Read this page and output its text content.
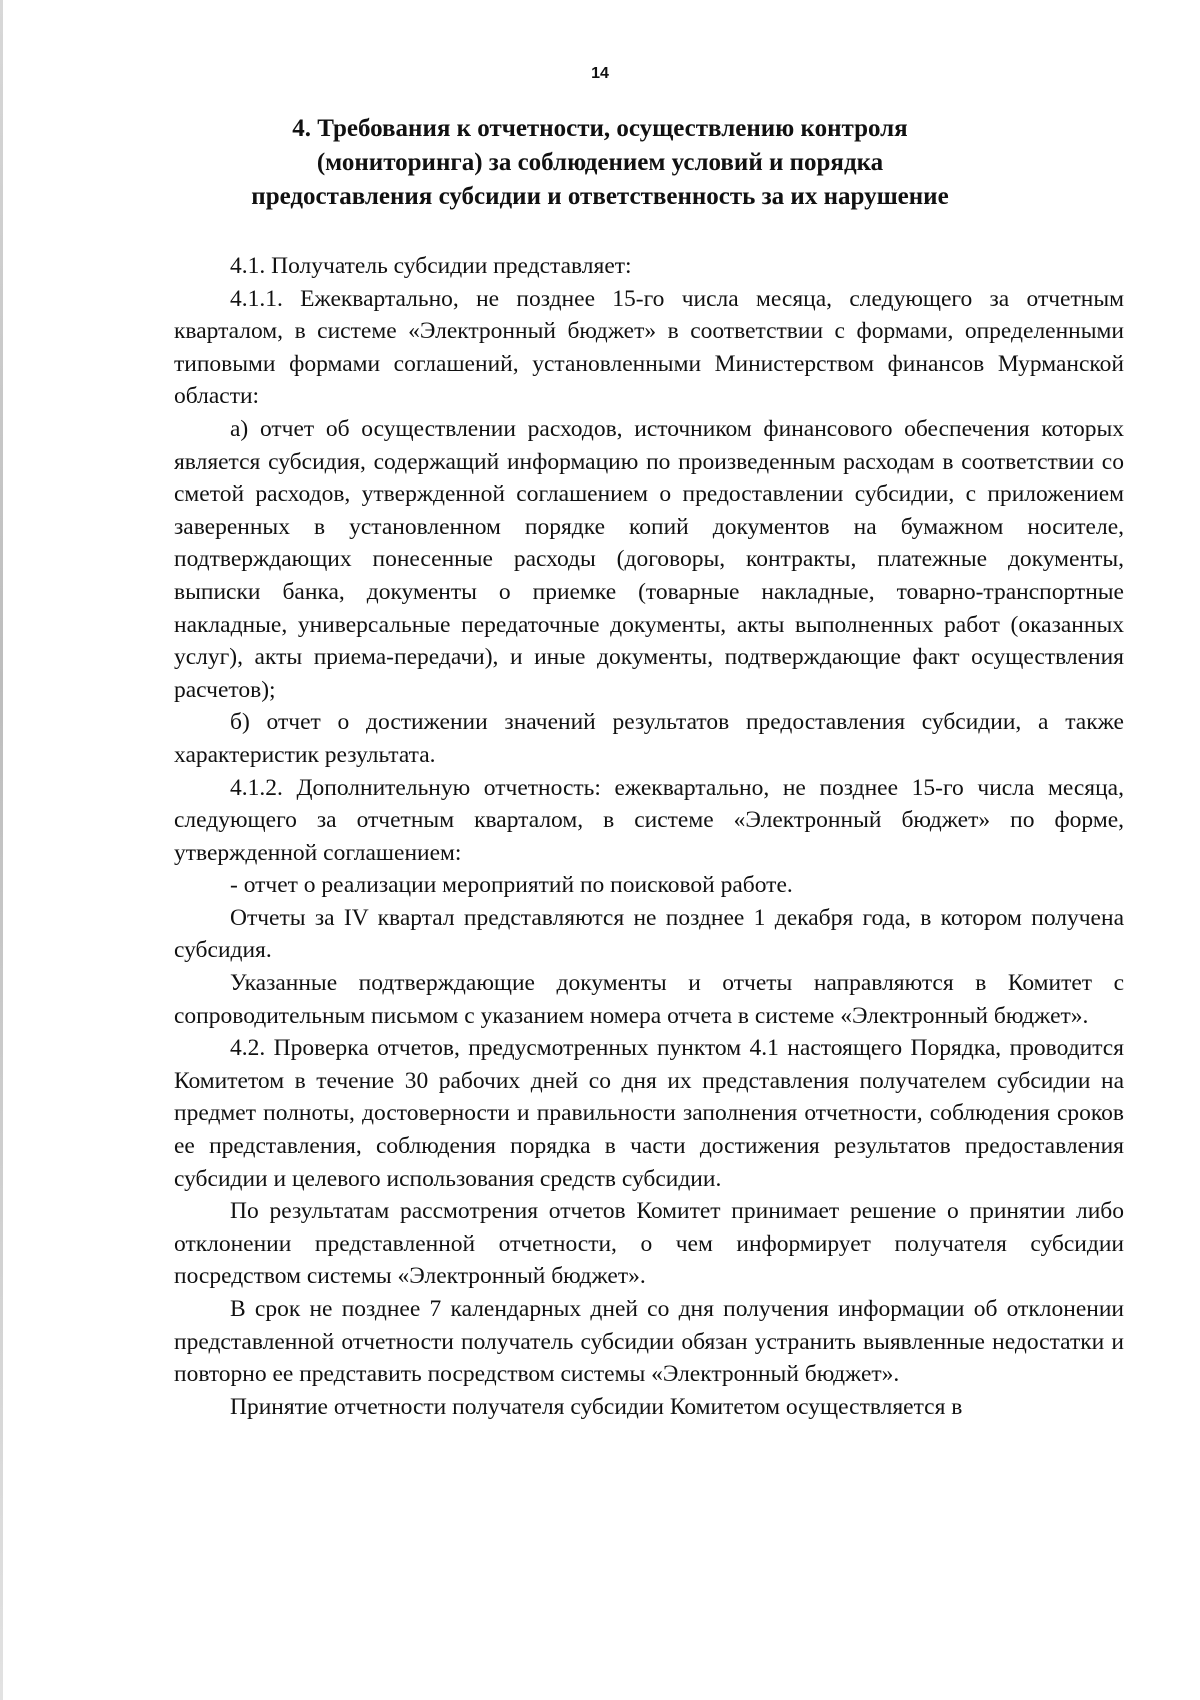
14
4. Требования к отчетности, осуществлению контроля (мониторинга) за соблюдением условий и порядка предоставления субсидии и ответственность за их нарушение

4.1. Получатель субсидии представляет:

4.1.1. Ежеквартально, не позднее 15-го числа месяца, следующего за отчетным кварталом, в системе «Электронный бюджет» в соответствии с формами, определенными типовыми формами соглашений, установленными Министерством финансов Мурманской области:

а) отчет об осуществлении расходов, источником финансового обеспечения которых является субсидия, содержащий информацию по произведенным расходам в соответствии со сметой расходов, утвержденной соглашением о предоставлении субсидии, с приложением заверенных в установленном порядке копий документов на бумажном носителе, подтверждающих понесенные расходы (договоры, контракты, платежные документы, выписки банка, документы о приемке (товарные накладные, товарно-транспортные накладные, универсальные передаточные документы, акты выполненных работ (оказанных услуг), акты приема-передачи), и иные документы, подтверждающие факт осуществления расчетов);

б) отчет о достижении значений результатов предоставления субсидии, а также характеристик результата.

4.1.2. Дополнительную отчетность: ежеквартально, не позднее 15-го числа месяца, следующего за отчетным кварталом, в системе «Электронный бюджет» по форме, утвержденной соглашением:

- отчет о реализации мероприятий по поисковой работе.

Отчеты за IV квартал представляются не позднее 1 декабря года, в котором получена субсидия.

Указанные подтверждающие документы и отчеты направляются в Комитет с сопроводительным письмом с указанием номера отчета в системе «Электронный бюджет».

4.2. Проверка отчетов, предусмотренных пунктом 4.1 настоящего Порядка, проводится Комитетом в течение 30 рабочих дней со дня их представления получателем субсидии на предмет полноты, достоверности и правильности заполнения отчетности, соблюдения сроков ее представления, соблюдения порядка в части достижения результатов предоставления субсидии и целевого использования средств субсидии.

По результатам рассмотрения отчетов Комитет принимает решение о принятии либо отклонении представленной отчетности, о чем информирует получателя субсидии посредством системы «Электронный бюджет».

В срок не позднее 7 календарных дней со дня получения информации об отклонении представленной отчетности получатель субсидии обязан устранить выявленные недостатки и повторно ее представить посредством системы «Электронный бюджет».

Принятие отчетности получателя субсидии Комитетом осуществляется в
